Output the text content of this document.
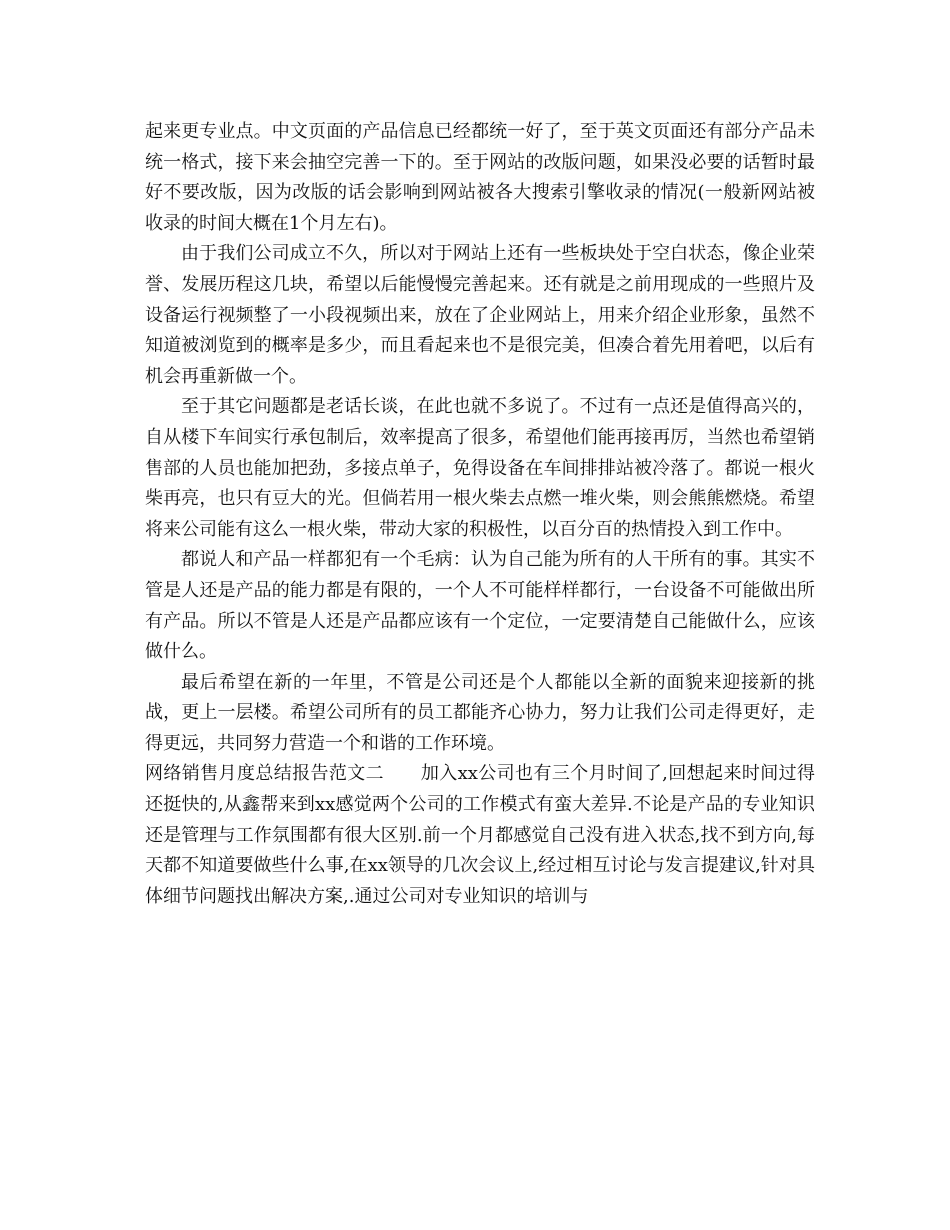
起来更专业点。中文页面的产品信息已经都统一好了，至于英文页面还有部分产品未统一格式，接下来会抽空完善一下的。至于网站的改版问题，如果没必要的话暂时最好不要改版，因为改版的话会影响到网站被各大搜索引擎收录的情况(一般新网站被收录的时间大概在1个月左右)。

由于我们公司成立不久，所以对于网站上还有一些板块处于空白状态，像企业荣誉、发展历程这几块，希望以后能慢慢完善起来。还有就是之前用现成的一些照片及设备运行视频整了一小段视频出来，放在了企业网站上，用来介绍企业形象，虽然不知道被浏览到的概率是多少，而且看起来也不是很完美，但凑合着先用着吧，以后有机会再重新做一个。

至于其它问题都是老话长谈，在此也就不多说了。不过有一点还是值得高兴的，自从楼下车间实行承包制后，效率提高了很多，希望他们能再接再厉，当然也希望销售部的人员也能加把劲，多接点单子，免得设备在车间排排站被冷落了。都说一根火柴再亮，也只有豆大的光。但倘若用一根火柴去点燃一堆火柴，则会熊熊燃烧。希望将来公司能有这么一根火柴，带动大家的积极性，以百分百的热情投入到工作中。

都说人和产品一样都犯有一个毛病：认为自己能为所有的人干所有的事。其实不管是人还是产品的能力都是有限的，一个人不可能样样都行，一台设备不可能做出所有产品。所以不管是人还是产品都应该有一个定位，一定要清楚自己能做什么，应该做什么。

最后希望在新的一年里，不管是公司还是个人都能以全新的面貌来迎接新的挑战，更上一层楼。希望公司所有的员工都能齐心协力，努力让我们公司走得更好，走得更远，共同努力营造一个和谐的工作环境。

网络销售月度总结报告范文二　　加入xx公司也有三个月时间了,回想起来时间过得还挺快的,从鑫帮来到xx感觉两个公司的工作模式有蛮大差异.不论是产品的专业知识还是管理与工作氛围都有很大区别.前一个月都感觉自己没有进入状态,找不到方向,每天都不知道要做些什么事,在xx领导的几次会议上,经过相互讨论与发言提建议,针对具体细节问题找出解决方案,.通过公司对专业知识的培训与
